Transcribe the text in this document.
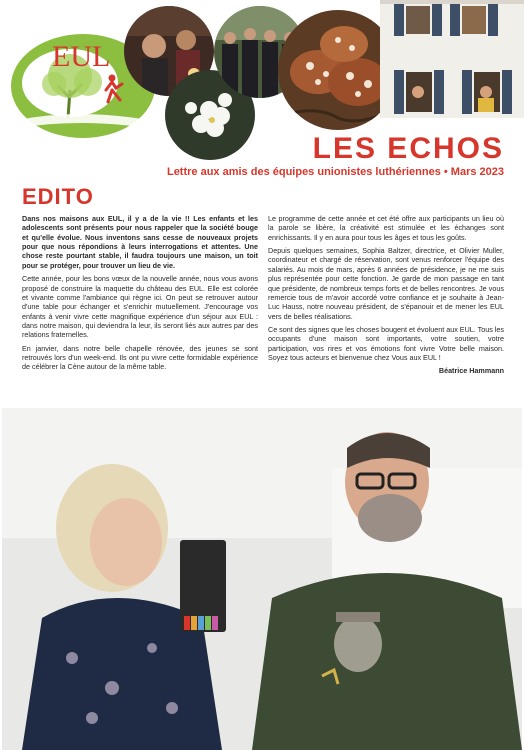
EUL
LES ECHOS
Lettre aux amis des équipes unionistes luthériennes • Mars 2023
EDITO

Dans nos maisons aux EUL, il y a de la vie !! Les enfants et les adolescents sont présents pour nous rappeler que la société bouge et qu'elle évolue. Nous inventons sans cesse de nouveaux projets pour que nous répondions à leurs interrogations et attentes. Une chose reste pourtant stable, il faudra toujours une maison, un toit pour se protéger, pour trouver un lieu de vie.

Cette année, pour les bons vœux de la nouvelle année, nous vous avons proposé de construire la maquette du château des EUL. Elle est colorée et vivante comme l'ambiance qui règne ici. On peut se retrouver autour d'une table pour échanger et s'enrichir mutuellement. J'encourage vos enfants à venir vivre cette magnifique expérience d'un séjour aux EUL : dans notre maison, qui deviendra la leur, ils seront liés aux autres par des relations fraternelles.

En janvier, dans notre belle chapelle rénovée, des jeunes se sont retrouvés lors d'un week-end. Ils ont pu vivre cette formidable expérience de célébrer la Cène autour de la même table.

Le programme de cette année et cet été offre aux participants un lieu où la parole se libère, la créativité est stimulée et les échanges sont enrichissants. Il y en aura pour tous les âges et tous les goûts.

Depuis quelques semaines, Sophia Baltzer, directrice, et Olivier Muller, coordinateur et chargé de réservation, sont venus renforcer l'équipe des salariés. Au mois de mars, après 6 années de présidence, je ne me suis plus représentée pour cette fonction. Je garde de mon passage en tant que présidente, de nombreux temps forts et de belles rencontres. Je vous remercie tous de m'avoir accordé votre confiance et je souhaite à Jean-Luc Hauss, notre nouveau président, de s'épanouir et de mener les EUL vers de belles réalisations.

Ce sont des signes que les choses bougent et évoluent aux EUL. Tous les occupants d'une maison sont importants, votre soutien, votre participation, vos rires et vos émotions font vivre Votre belle maison. Soyez tous acteurs et bienvenue chez Vous aux EUL !

Béatrice Hammann
